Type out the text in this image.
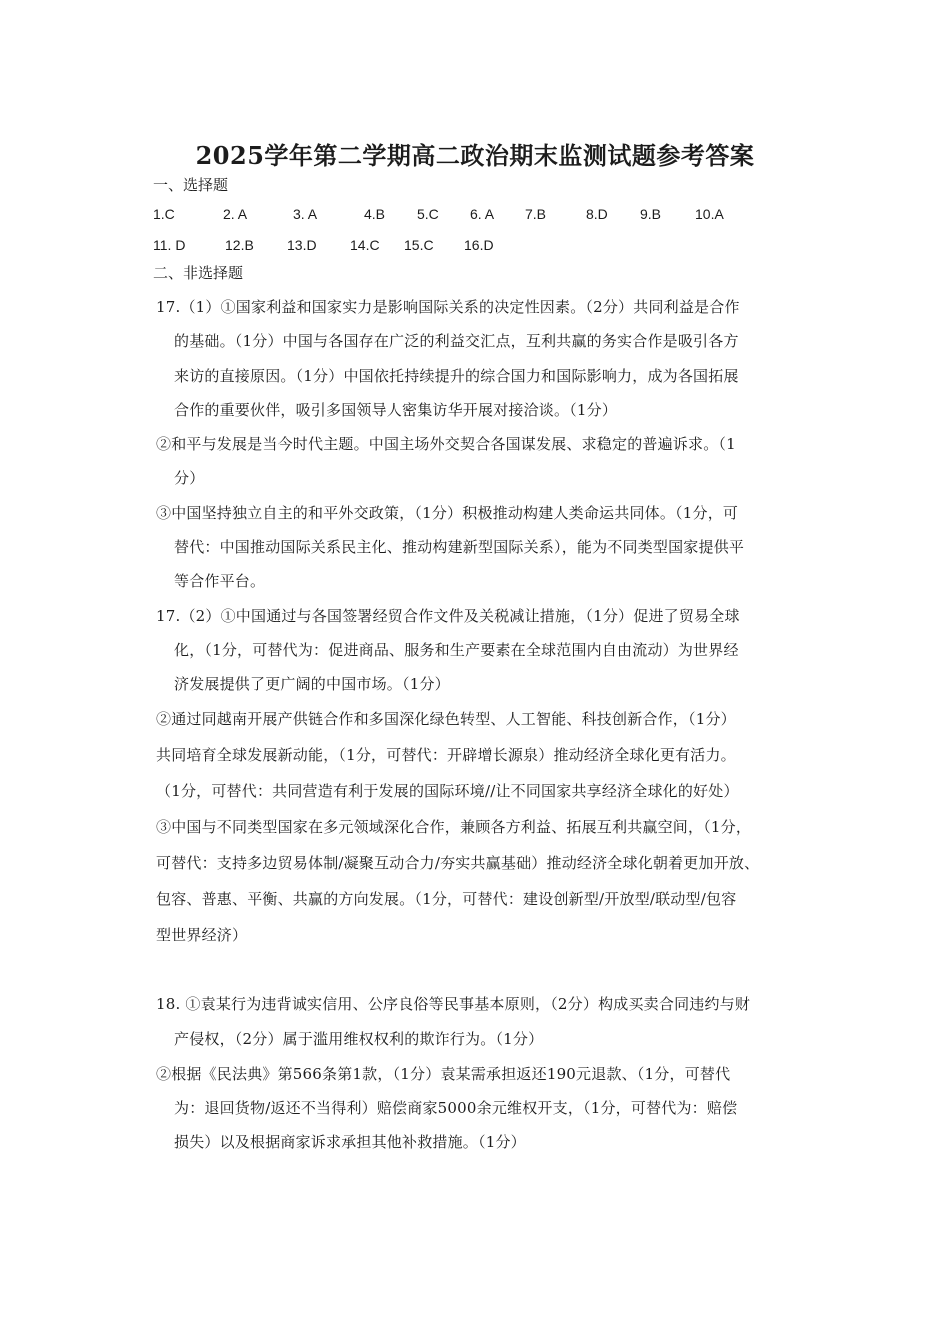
2025学年第二学期高二政治期末监测试题参考答案
一、选择题
1.C	2. A	3. A	4.B 5.C 6. A 7.B	8.D 9.B 10.A
11. D	12.B 13.D 14.C 15.C 16.D
二、非选择题
17.（1）①国家利益和国家实力是影响国际关系的决定性因素。（2分）共同利益是合作
的基础。（1分）中国与各国存在广泛的利益交汇点，互利共赢的务实合作是吸引各方
来访的直接原因。（1分）中国依托持续提升的综合国力和国际影响力，成为各国拓展
合作的重要伙伴，吸引多国领导人密集访华开展对接洽谈。（1分）
②和平与发展是当今时代主题。中国主场外交契合各国谋发展、求稳定的普遍诉求。（1
分）
③中国坚持独立自主的和平外交政策，（1分）积极推动构建人类命运共同体。（1分，可
替代：中国推动国际关系民主化、推动构建新型国际关系），能为不同类型国家提供平
等合作平台。
17.（2）①中国通过与各国签署经贸合作文件及关税减让措施，（1分）促进了贸易全球
化，（1分，可替代为：促进商品、服务和生产要素在全球范围内自由流动）为世界经
济发展提供了更广阔的中国市场。（1分）
②通过同越南开展产供链合作和多国深化绿色转型、人工智能、科技创新合作，（1分）
共同培育全球发展新动能，（1分，可替代：开辟增长源泉）推动经济全球化更有活力。
（1分，可替代：共同营造有利于发展的国际环境//让不同国家共享经济全球化的好处）
③中国与不同类型国家在多元领域深化合作，兼顾各方利益、拓展互利共赢空间，（1分，
可替代：支持多边贸易体制/凝聚互动合力/夯实共赢基础）推动经济全球化朝着更加开放、
包容、普惠、平衡、共赢的方向发展。（1分，可替代：建设创新型/开放型/联动型/包容
型世界经济）
18. ①袁某行为违背诚实信用、公序良俗等民事基本原则，（2分）构成买卖合同违约与财
产侵权，（2分）属于滥用维权权利的欺诈行为。（1分）
②根据《民法典》第566条第1款，（1分）袁某需承担返还190元退款、（1分，可替代
为：退回货物/返还不当得利）赔偿商家5000余元维权开支，（1分，可替代为：赔偿
损失）以及根据商家诉求承担其他补救措施。（1分）
